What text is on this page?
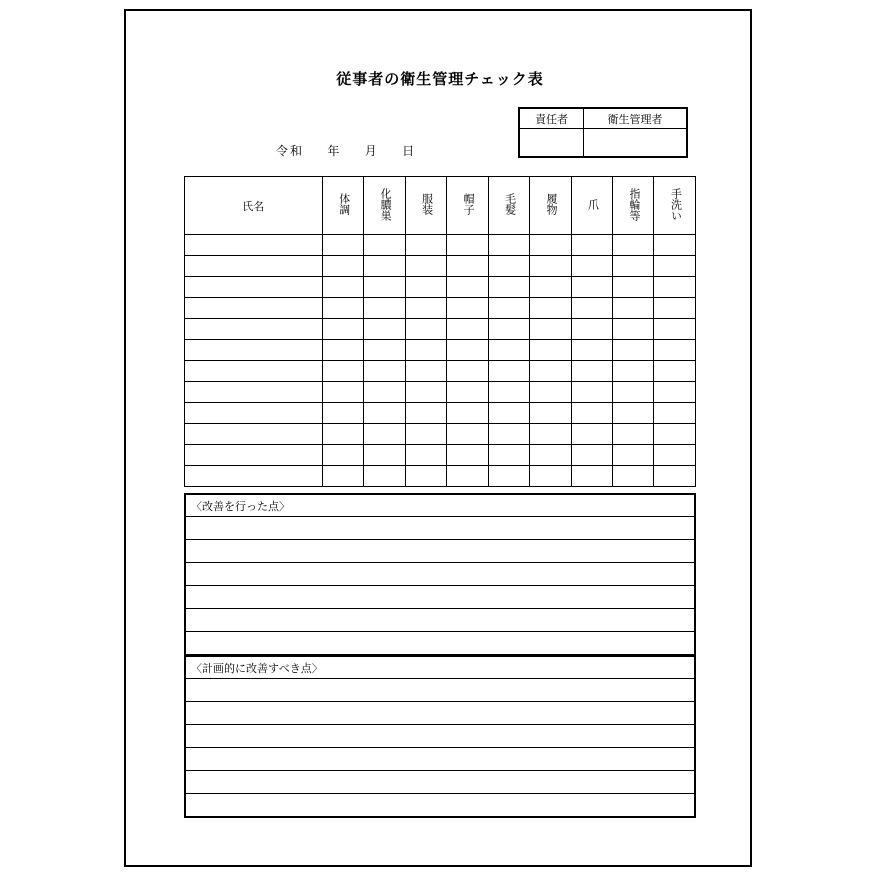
従事者の衛生管理チェック表
責任者	衛生管理者

令和 年 月 日
氏名	体調	化膿巣	服装	帽子	毛髪	履物	爪	指輪等	手洗い

〈改善を行った点〉

〈計画的に改善すべき点〉
